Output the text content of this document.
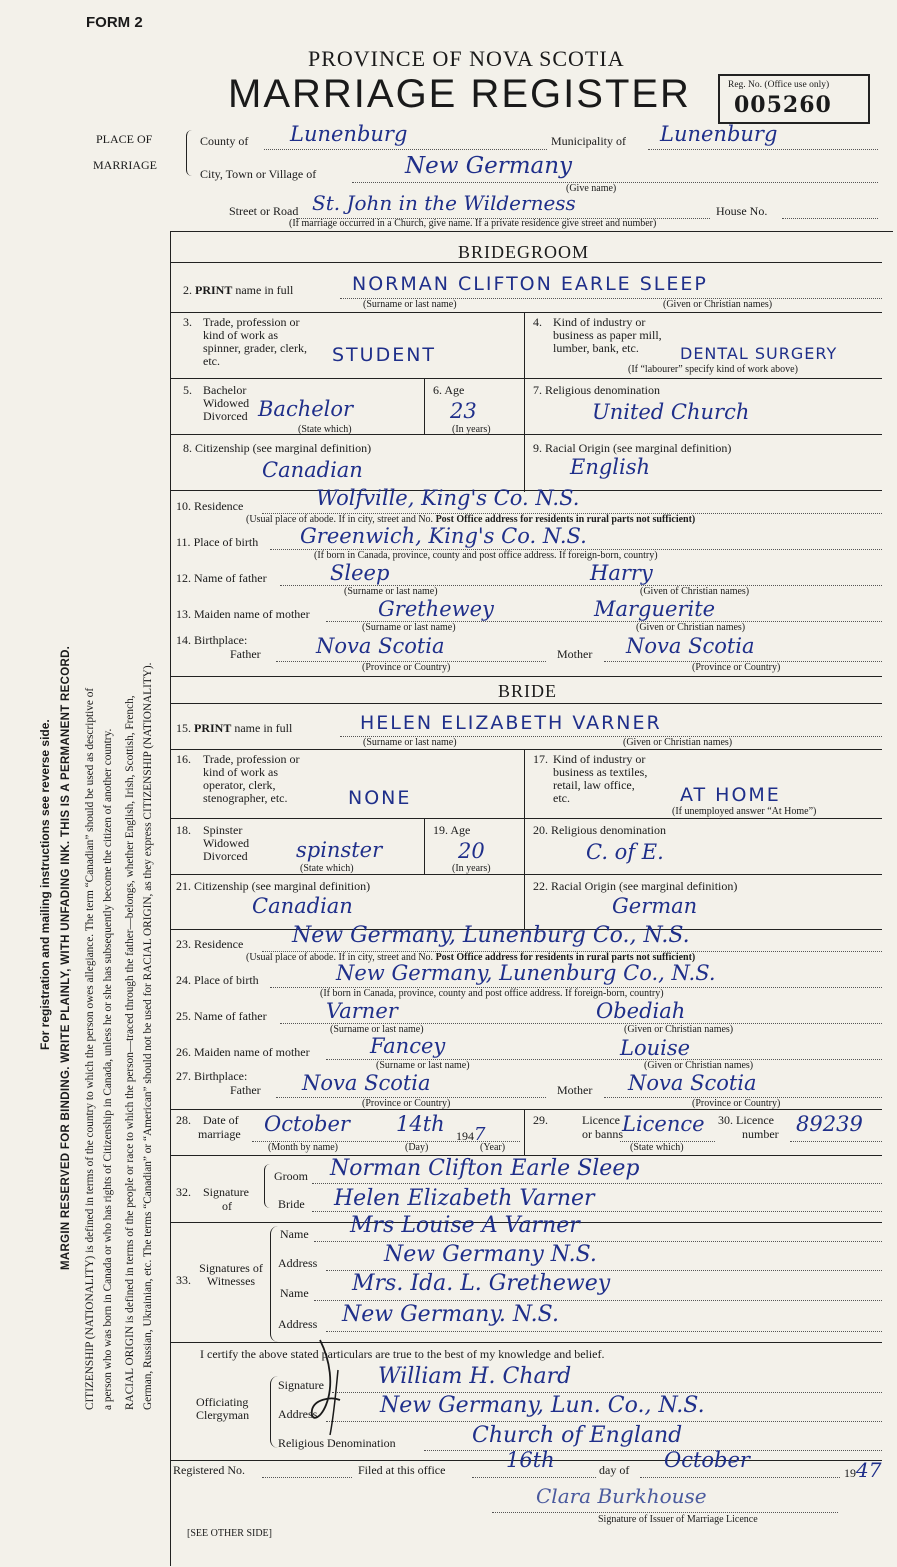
FORM 2
PROVINCE OF NOVA SCOTIA
MARRIAGE REGISTER	Reg. No. (Office use only)
005260
PLACE OF
MARRIAGE
County of Lunenburg	Municipality of Lunenburg
City, Town or Village of	New Germany
(Give name)
Street or Road St. John in the Wilderness	House No.
(If marriage occurred in a Church, give name. If a private residence give street and number)
For registration and mailing instructions see reverse side. MARGIN RESERVED FOR BINDING. WRITE PLAINLY, WITH UNFADING INK. THIS IS A PERMANENT RECORD. CITIZENSHIP (NATIONALITY) is defined in terms of the country to which the person owes allegiance. The term “Canadian” should be used as descriptive of a person who was born in Canada or who has rights of Citizenship in Canada, unless he or she has subsequently become the citizen of another country. RACIAL ORIGIN is defined in terms of the people or race to which the person—traced through the father—belongs, whether English, Irish, Scottish, French, German, Russian, Ukrainian, etc. The terms “Canadian” or “American” should not be used for RACIAL ORIGIN, as they express CITIZENSHIP (NATIONALITY).
BRIDEGROOM
2. PRINT name in full	NORMAN CLIFTON EARLE SLEEP
(Surname or last name)	(Given or Christian names)
3. Trade, profession or kind of work as spinner, grader, clerk, etc.	STUDENT
4. Kind of industry or business as paper mill, lumber, bank, etc.	DENTAL SURGERY
(If “labourer” specify kind of work above)
5. Bachelor Widowed Divorced Bachelor
(State which)
6. Age
23
(In years)
7. Religious denomination
United Church
8. Citizenship (see marginal definition)
Canadian
9. Racial Origin (see marginal definition)
English
10. Residence	Wolfville, King's Co. N.S.
(Usual place of abode. If in city, street and No. Post Office address for residents in rural parts not sufficient)
11. Place of birth Greenwich, King's Co. N.S.
(If born in Canada, province, county and post office address. If foreign-born, country)
12. Name of father	Sleep	Harry
(Surname or last name)	(Given of Christian names)
13. Maiden name of mother	Grethewey	Marguerite
(Surname or last name)	(Given or Christian names)
14. Birthplace:
Father	Nova Scotia	Mother Nova Scotia
(Province or Country)	(Province or Country)
BRIDE
15. PRINT name in full	HELEN ELIZABETH VARNER
(Surname or last name)	(Given or Christian names)
16. Trade, profession or kind of work as operator, clerk, stenographer, etc.	NONE
17. Kind of industry or business as textiles, retail, law office, etc.	AT HOME
(If unemployed answer “At Home”)
18. Spinster Widowed Divorced	spinster
(State which)
19. Age
20
(In years)
20. Religious denomination
C. of E.
21. Citizenship (see marginal definition)
Canadian
22. Racial Origin (see marginal definition)
German
23. Residence New Germany, Lunenburg Co., N.S.
(Usual place of abode. If in city, street and No. Post Office address for residents in rural parts not sufficient)
24. Place of birth	New Germany, Lunenburg Co., N.S.
(If born in Canada, province, county and post office address. If foreign-born, country)
25. Name of father	Varner	Obediah
(Surname or last name)	(Given or Christian names)
26. Maiden name of mother	Fancey	Louise
(Surname or last name)	(Given or Christian names)
27. Birthplace:
Father Nova Scotia	Mother Nova Scotia
(Province or Country)	(Province or Country)
28. Date of
marriage October 14th 1947
(Month by name)	(Day)	(Year)
29.	Licence
or banns Licence
(State which)
30. Licence
number 89239
32. Signature
of
Groom Norman Clifton Earle Sleep
Bride Helen Elizabeth Varner
33.
Signatures of Witnesses
Name Mrs Louise A Varner
Address	New Germany N.S.
Name Mrs. Ida. L. Grethewey
Address New Germany. N.S.
I certify the above stated particulars are true to the best of my knowledge and belief.
Officiating Clergyman
Signature William H. Chard
Address	New Germany, Lun. Co., N.S.
Religious Denomination	Church of England
Registered No.	Filed at this office	16th	day of October
1947
Clara Burkhouse
Signature of Issuer of Marriage Licence
[SEE OTHER SIDE]
